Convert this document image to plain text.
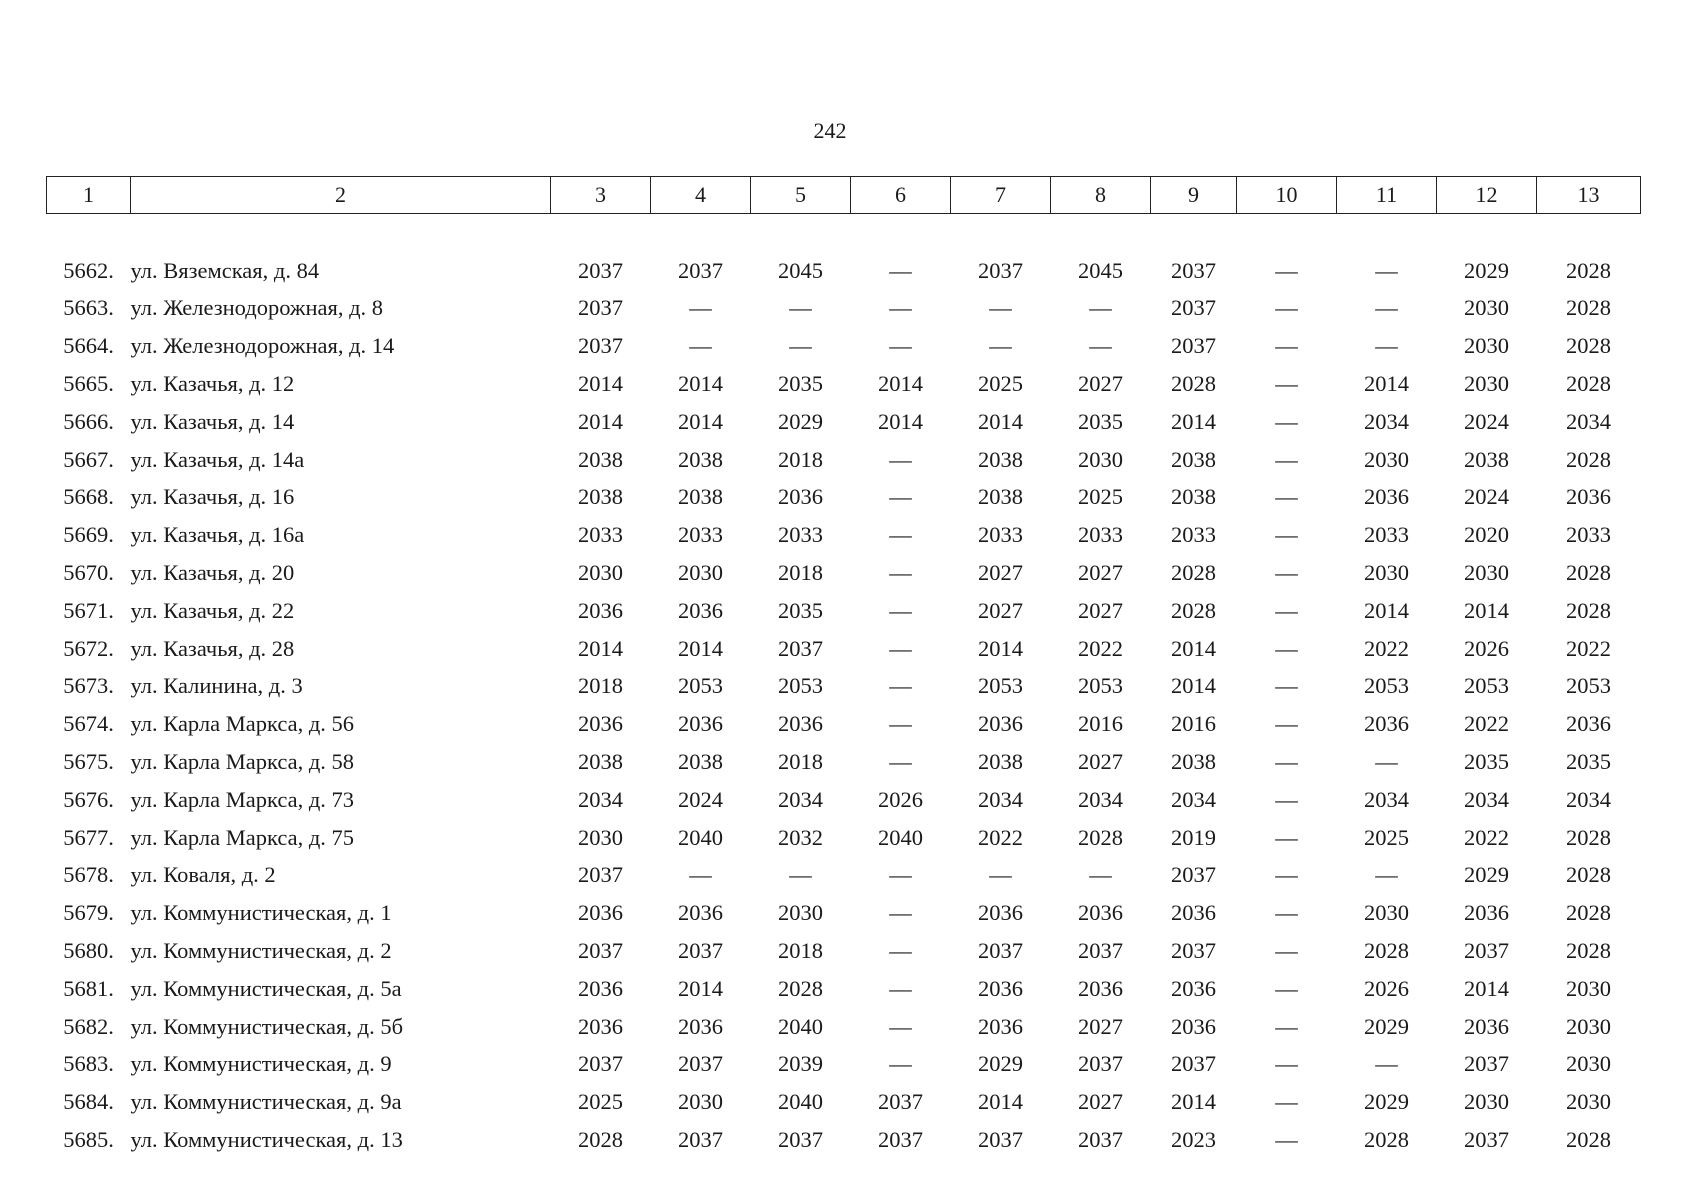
242
1	2	3	4	5	6	7	8	9	10	11	12	13

5662.	ул. Вяземская, д. 84	2037	2037	2045	—	2037	2045	2037	—	—	2029	2028
5663.	ул. Железнодорожная, д. 8	2037	—	—	—	—	—	2037	—	—	2030	2028
5664.	ул. Железнодорожная, д. 14	2037	—	—	—	—	—	2037	—	—	2030	2028
5665.	ул. Казачья, д. 12	2014	2014	2035	2014	2025	2027	2028	—	2014	2030	2028
5666.	ул. Казачья, д. 14	2014	2014	2029	2014	2014	2035	2014	—	2034	2024	2034
5667.	ул. Казачья, д. 14а	2038	2038	2018	—	2038	2030	2038	—	2030	2038	2028
5668.	ул. Казачья, д. 16	2038	2038	2036	—	2038	2025	2038	—	2036	2024	2036
5669.	ул. Казачья, д. 16а	2033	2033	2033	—	2033	2033	2033	—	2033	2020	2033
5670.	ул. Казачья, д. 20	2030	2030	2018	—	2027	2027	2028	—	2030	2030	2028
5671.	ул. Казачья, д. 22	2036	2036	2035	—	2027	2027	2028	—	2014	2014	2028
5672.	ул. Казачья, д. 28	2014	2014	2037	—	2014	2022	2014	—	2022	2026	2022
5673.	ул. Калинина, д. 3	2018	2053	2053	—	2053	2053	2014	—	2053	2053	2053
5674.	ул. Карла Маркса, д. 56	2036	2036	2036	—	2036	2016	2016	—	2036	2022	2036
5675.	ул. Карла Маркса, д. 58	2038	2038	2018	—	2038	2027	2038	—	—	2035	2035
5676.	ул. Карла Маркса, д. 73	2034	2024	2034	2026	2034	2034	2034	—	2034	2034	2034
5677.	ул. Карла Маркса, д. 75	2030	2040	2032	2040	2022	2028	2019	—	2025	2022	2028
5678.	ул. Коваля, д. 2	2037	—	—	—	—	—	2037	—	—	2029	2028
5679.	ул. Коммунистическая, д. 1	2036	2036	2030	—	2036	2036	2036	—	2030	2036	2028
5680.	ул. Коммунистическая, д. 2	2037	2037	2018	—	2037	2037	2037	—	2028	2037	2028
5681.	ул. Коммунистическая, д. 5а	2036	2014	2028	—	2036	2036	2036	—	2026	2014	2030
5682.	ул. Коммунистическая, д. 5б	2036	2036	2040	—	2036	2027	2036	—	2029	2036	2030
5683.	ул. Коммунистическая, д. 9	2037	2037	2039	—	2029	2037	2037	—	—	2037	2030
5684.	ул. Коммунистическая, д. 9а	2025	2030	2040	2037	2014	2027	2014	—	2029	2030	2030
5685.	ул. Коммунистическая, д. 13	2028	2037	2037	2037	2037	2037	2023	—	2028	2037	2028
